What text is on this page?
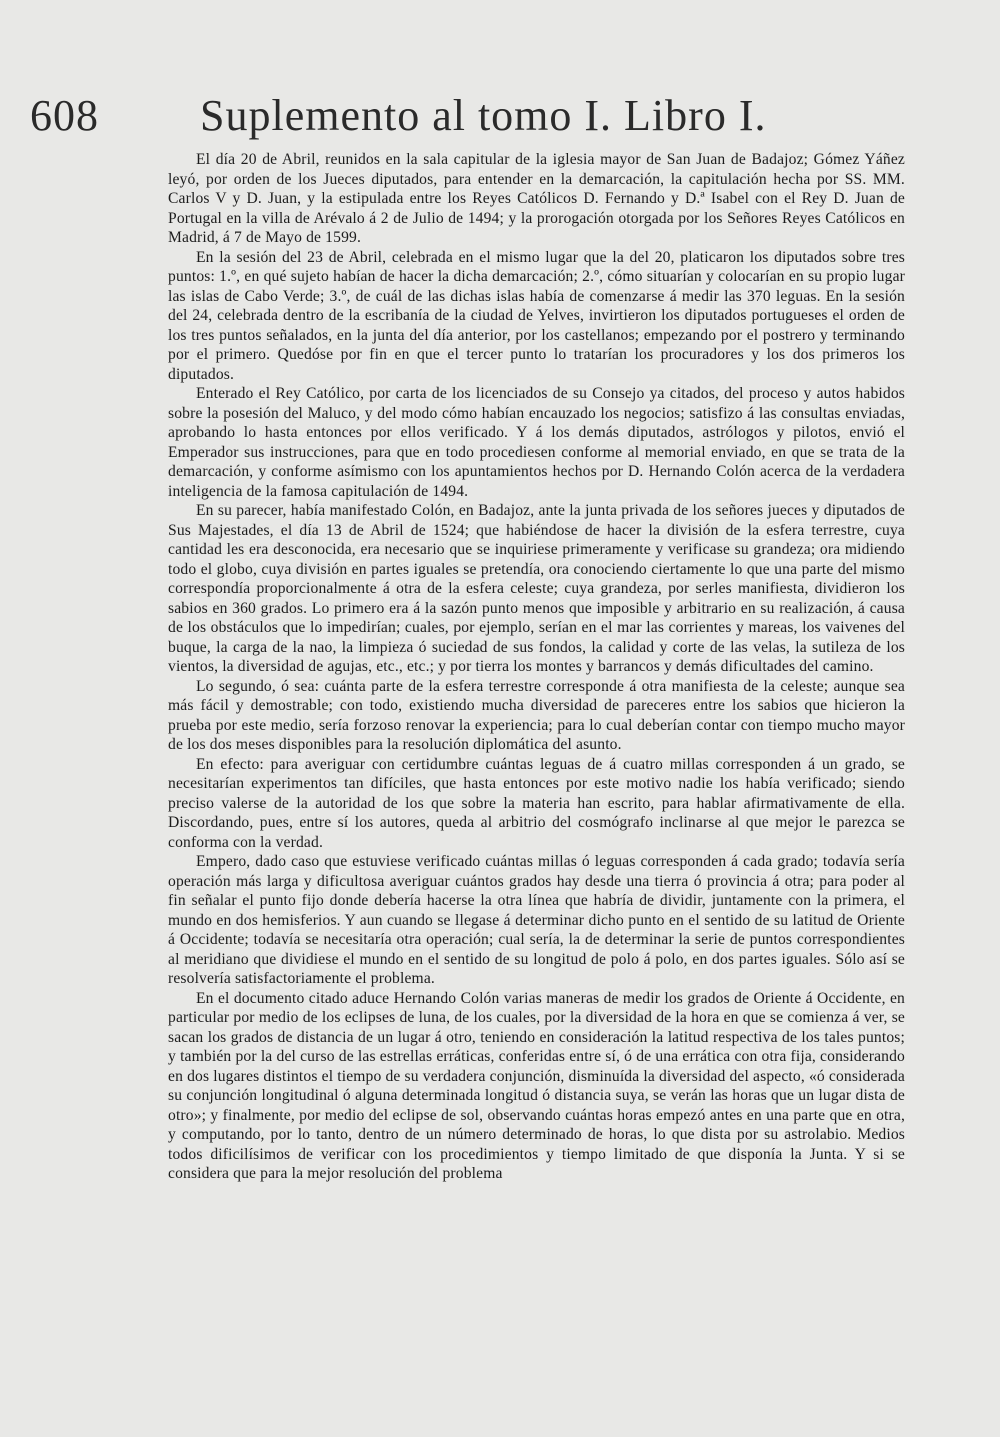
608 Suplemento al tomo I. Libro I.

El día 20 de Abril, reunidos en la sala capitular de la iglesia mayor de San Juan de Badajoz; Gómez Yáñez leyó, por orden de los Jueces diputados, para entender en la demarcación, la capitulación hecha por SS. MM. Carlos V y D. Juan, y la estipulada entre los Reyes Católicos D. Fernando y D.ª Isabel con el Rey D. Juan de Portugal en la villa de Arévalo á 2 de Julio de 1494; y la prorogación otorgada por los Señores Reyes Católicos en Madrid, á 7 de Mayo de 1599.

En la sesión del 23 de Abril, celebrada en el mismo lugar que la del 20, platicaron los diputados sobre tres puntos: 1.º, en qué sujeto habían de hacer la dicha demarcación; 2.º, cómo situarían y colocarían en su propio lugar las islas de Cabo Verde; 3.º, de cuál de las dichas islas había de comenzarse á medir las 370 leguas. En la sesión del 24, celebrada dentro de la escribanía de la ciudad de Yelves, invirtieron los diputados portugueses el orden de los tres puntos señalados, en la junta del día anterior, por los castellanos; empezando por el postrero y terminando por el primero. Quedóse por fin en que el tercer punto lo tratarían los procuradores y los dos primeros los diputados.

Enterado el Rey Católico, por carta de los licenciados de su Consejo ya citados, del proceso y autos habidos sobre la posesión del Maluco, y del modo cómo habían encauzado los negocios; satisfizo á las consultas enviadas, aprobando lo hasta entonces por ellos verificado. Y á los demás diputados, astrólogos y pilotos, envió el Emperador sus instrucciones, para que en todo procediesen conforme al memorial enviado, en que se trata de la demarcación, y conforme asímismo con los apuntamientos hechos por D. Hernando Colón acerca de la verdadera inteligencia de la famosa capitulación de 1494.

En su parecer, había manifestado Colón, en Badajoz, ante la junta privada de los señores jueces y diputados de Sus Majestades, el día 13 de Abril de 1524; que habiéndose de hacer la división de la esfera terrestre, cuya cantidad les era desconocida, era necesario que se inquiriese primeramente y verificase su grandeza; ora midiendo todo el globo, cuya división en partes iguales se pretendía, ora conociendo ciertamente lo que una parte del mismo correspondía proporcionalmente á otra de la esfera celeste; cuya grandeza, por serles manifiesta, dividieron los sabios en 360 grados. Lo primero era á la sazón punto menos que imposible y arbitrario en su realización, á causa de los obstáculos que lo impedirían; cuales, por ejemplo, serían en el mar las corrientes y mareas, los vaivenes del buque, la carga de la nao, la limpieza ó suciedad de sus fondos, la calidad y corte de las velas, la sutileza de los vientos, la diversidad de agujas, etc., etc.; y por tierra los montes y barrancos y demás dificultades del camino.

Lo segundo, ó sea: cuánta parte de la esfera terrestre corresponde á otra manifiesta de la celeste; aunque sea más fácil y demostrable; con todo, existiendo mucha diversidad de pareceres entre los sabios que hicieron la prueba por este medio, sería forzoso renovar la experiencia; para lo cual deberían contar con tiempo mucho mayor de los dos meses disponibles para la resolución diplomática del asunto.

En efecto: para averiguar con certidumbre cuántas leguas de á cuatro millas corresponden á un grado, se necesitarían experimentos tan difíciles, que hasta entonces por este motivo nadie los había verificado; siendo preciso valerse de la autoridad de los que sobre la materia han escrito, para hablar afirmativamente de ella. Discordando, pues, entre sí los autores, queda al arbitrio del cosmógrafo inclinarse al que mejor le parezca se conforma con la verdad.

Empero, dado caso que estuviese verificado cuántas millas ó leguas corresponden á cada grado; todavía sería operación más larga y dificultosa averiguar cuántos grados hay desde una tierra ó provincia á otra; para poder al fin señalar el punto fijo donde debería hacerse la otra línea que habría de dividir, juntamente con la primera, el mundo en dos hemisferios. Y aun cuando se llegase á determinar dicho punto en el sentido de su latitud de Oriente á Occidente; todavía se necesitaría otra operación; cual sería, la de determinar la serie de puntos correspondientes al meridiano que dividiese el mundo en el sentido de su longitud de polo á polo, en dos partes iguales. Sólo así se resolvería satisfactoriamente el problema.

En el documento citado aduce Hernando Colón varias maneras de medir los grados de Oriente á Occidente, en particular por medio de los eclipses de luna, de los cuales, por la diversidad de la hora en que se comienza á ver, se sacan los grados de distancia de un lugar á otro, teniendo en consideración la latitud respectiva de los tales puntos; y también por la del curso de las estrellas erráticas, conferidas entre sí, ó de una errática con otra fija, considerando en dos lugares distintos el tiempo de su verdadera conjunción, disminuída la diversidad del aspecto, «ó considerada su conjunción longitudinal ó alguna determinada longitud ó distancia suya, se verán las horas que un lugar dista de otro»; y finalmente, por medio del eclipse de sol, observando cuántas horas empezó antes en una parte que en otra, y computando, por lo tanto, dentro de un número determinado de horas, lo que dista por su astrolabio. Medios todos dificilísimos de verificar con los procedimientos y tiempo limitado de que disponía la Junta. Y si se considera que para la mejor resolución del problema
